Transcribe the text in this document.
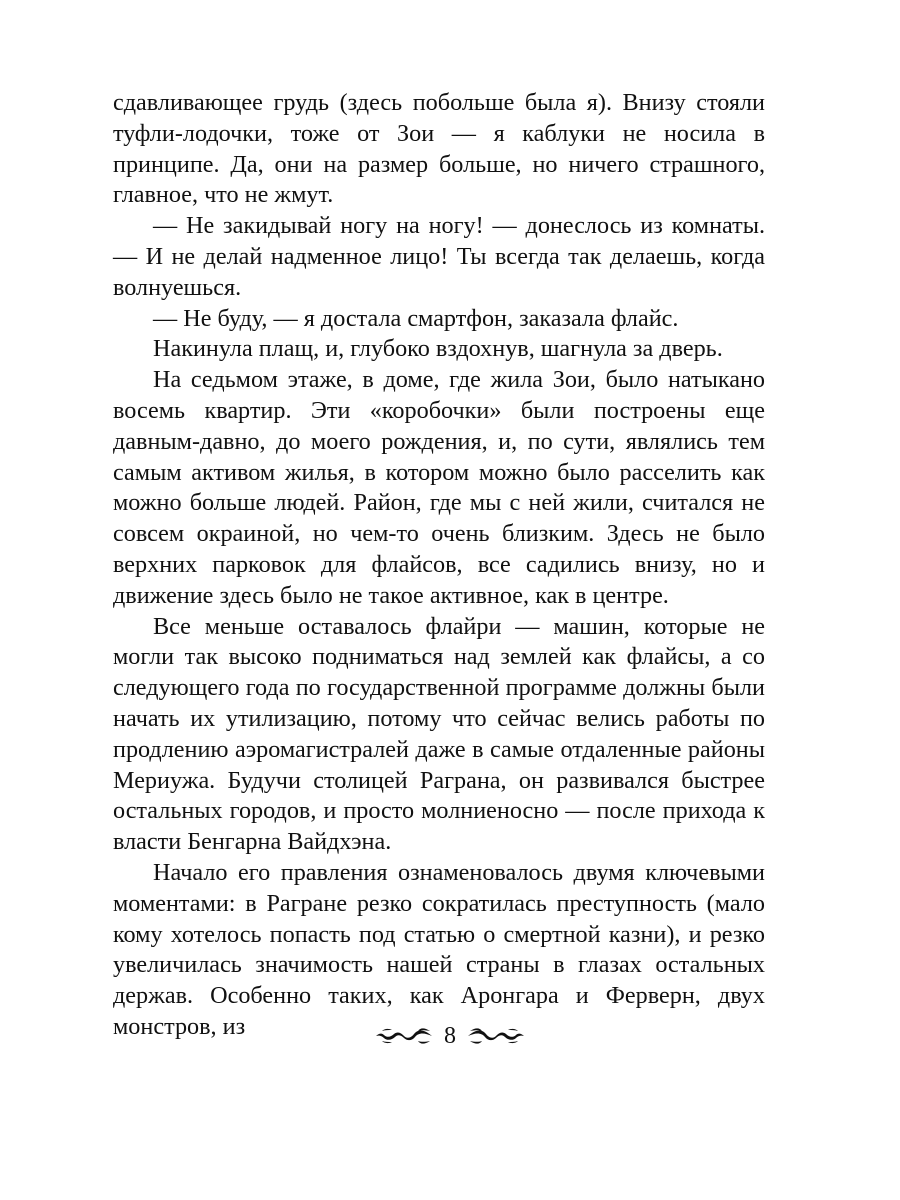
сдавливающее грудь (здесь побольше была я). Внизу стояли туфли-лодочки, тоже от Зои — я каблуки не носила в принципе. Да, они на размер больше, но ничего страшного, главное, что не жмут.

— Не закидывай ногу на ногу! — донеслось из комнаты. — И не делай надменное лицо! Ты всегда так делаешь, когда волнуешься.

— Не буду, — я достала смартфон, заказала флайс.

Накинула плащ, и, глубоко вздохнув, шагнула за дверь.

На седьмом этаже, в доме, где жила Зои, было натыкано восемь квартир. Эти «коробочки» были построены еще давным-давно, до моего рождения, и, по сути, являлись тем самым активом жилья, в котором можно было расселить как можно больше людей. Район, где мы с ней жили, считался не совсем окраиной, но чем-то очень близким. Здесь не было верхних парковок для флайсов, все садились внизу, но и движение здесь было не такое активное, как в центре.

Все меньше оставалось флайри — машин, которые не могли так высоко подниматься над землей как флайсы, а со следующего года по государственной программе должны были начать их утилизацию, потому что сейчас велись работы по продлению аэромагистралей даже в самые отдаленные районы Мериужа. Будучи столицей Раграна, он развивался быстрее остальных городов, и просто молниеносно — после прихода к власти Бенгарна Вайдхэна.

Начало его правления ознаменовалось двумя ключевыми моментами: в Рагране резко сократилась преступность (мало кому хотелось попасть под статью о смертной казни), и резко увеличилась значимость нашей страны в глазах остальных держав. Особенно таких, как Аронгара и Ферверн, двух монстров, из	8
